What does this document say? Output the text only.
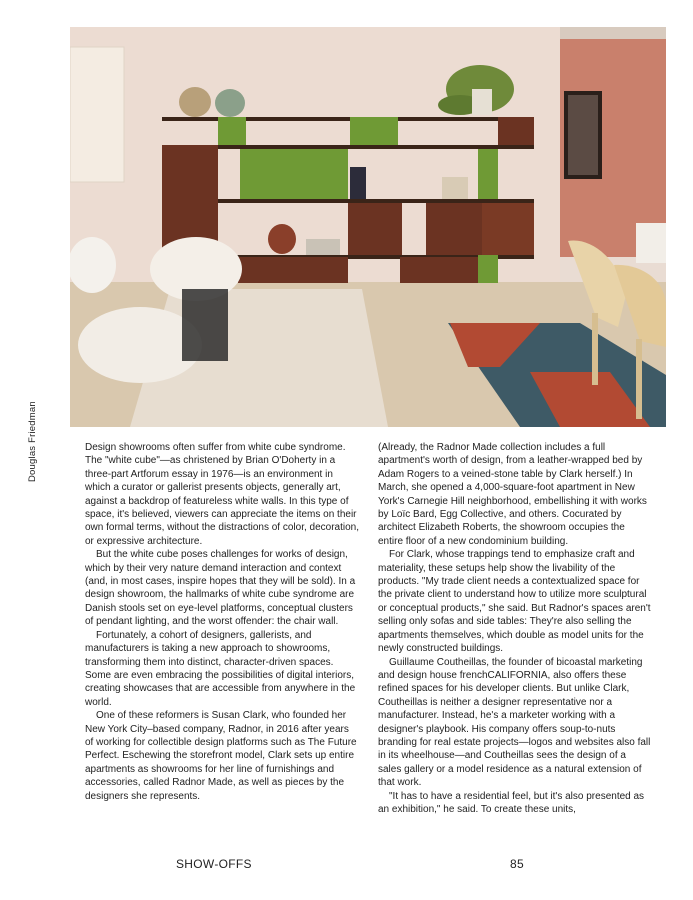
Douglas Friedman	Design showrooms often suffer from white cube syndrome. The "white cube"—as christened by Brian O'Doherty in a three-part Artforum essay in 1976—is an environment in which a curator or gallerist presents objects, generally art, against a backdrop of featureless white walls. In this type of space, it's believed, viewers can appreciate the items on their own formal terms, without the distractions of color, decoration, or expressive architecture.

But the white cube poses challenges for works of design, which by their very nature demand interaction and context (and, in most cases, inspire hopes that they will be sold). In a design showroom, the hallmarks of white cube syndrome are Danish stools set on eye-level platforms, conceptual clusters of pendant lighting, and the worst offender: the chair wall.

Fortunately, a cohort of designers, gallerists, and manufacturers is taking a new approach to showrooms, transforming them into distinct, character-driven spaces. Some are even embracing the possibilities of digital interiors, creating showcases that are accessible from anywhere in the world.

One of these reformers is Susan Clark, who founded her New York City–based company, Radnor, in 2016 after years of working for collectible design platforms such as The Future Perfect. Eschewing the storefront model, Clark sets up entire apartments as showrooms for her line of furnishings and accessories, called Radnor Made, as well as pieces by the designers she represents.

(Already, the Radnor Made collection includes a full apartment's worth of design, from a leather-wrapped bed by Adam Rogers to a veined-stone table by Clark herself.) In March, she opened a 4,000-square-foot apartment in New York's Carnegie Hill neighborhood, embellishing it with works by Loïc Bard, Egg Collective, and others. Cocurated by architect Elizabeth Roberts, the showroom occupies the entire floor of a new condominium building.

For Clark, whose trappings tend to emphasize craft and materiality, these setups help show the livability of the products. "My trade client needs a contextualized space for the private client to understand how to utilize more sculptural or conceptual products," she said. But Radnor's spaces aren't selling only sofas and side tables: They're also selling the apartments themselves, which double as model units for the newly constructed buildings.

Guillaume Coutheillas, the founder of bicoastal marketing and design house frenchCALIFORNIA, also offers these refined spaces for his developer clients. But unlike Clark, Coutheillas is neither a designer representative nor a manufacturer. Instead, he's a marketer working with a designer's playbook. His company offers soup-to-nuts branding for real estate projects—logos and websites also fall in its wheelhouse—and Coutheillas sees the design of a sales gallery or a model residence as a natural extension of that work.

"It has to have a residential feel, but it's also presented as an exhibition," he said. To create these units,

SHOW-OFFS	85
